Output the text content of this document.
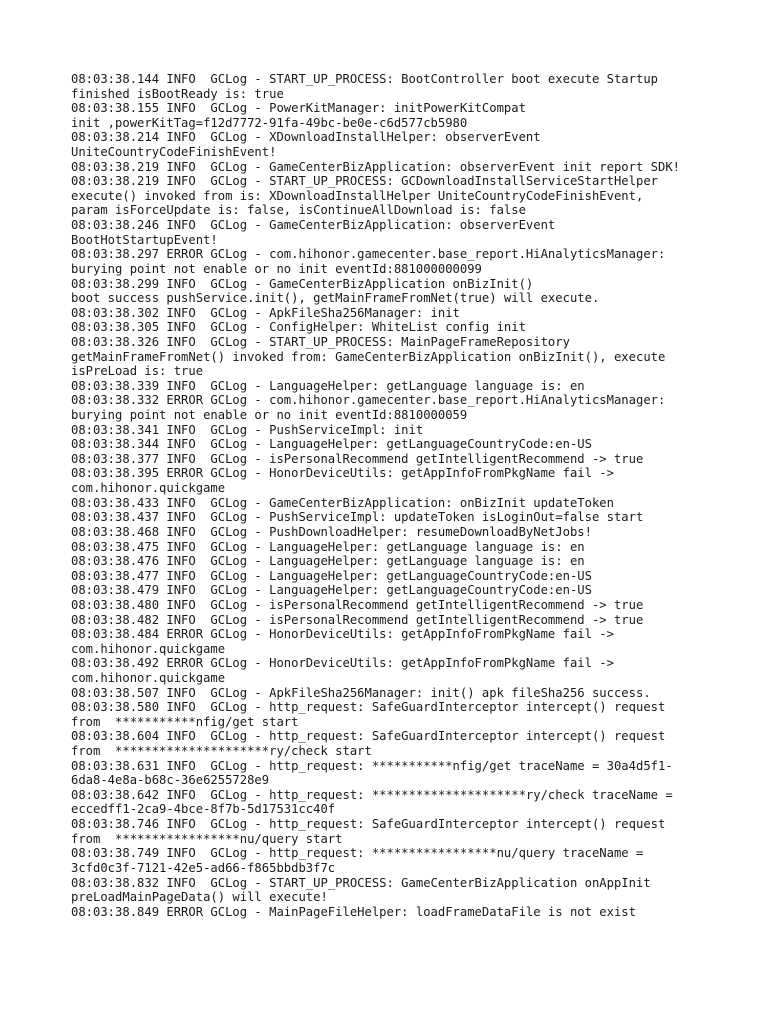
08:03:38.144 INFO  GCLog - START_UP_PROCESS: BootController boot execute Startup
finished isBootReady is: true
08:03:38.155 INFO  GCLog - PowerKitManager: initPowerKitCompat
init ,powerKitTag=f12d7772-91fa-49bc-be0e-c6d577cb5980
08:03:38.214 INFO  GCLog - XDownloadInstallHelper: observerEvent
UniteCountryCodeFinishEvent!
08:03:38.219 INFO  GCLog - GameCenterBizApplication: observerEvent init report SDK!
08:03:38.219 INFO  GCLog - START_UP_PROCESS: GCDownloadInstallServiceStartHelper
execute() invoked from is: XDownloadInstallHelper UniteCountryCodeFinishEvent,
param isForceUpdate is: false, isContinueAllDownload is: false
08:03:38.246 INFO  GCLog - GameCenterBizApplication: observerEvent
BootHotStartupEvent!
08:03:38.297 ERROR GCLog - com.hihonor.gamecenter.base_report.HiAnalyticsManager:
burying point not enable or no init eventId:881000000099
08:03:38.299 INFO  GCLog - GameCenterBizApplication onBizInit()
boot success pushService.init(), getMainFrameFromNet(true) will execute.
08:03:38.302 INFO  GCLog - ApkFileSha256Manager: init
08:03:38.305 INFO  GCLog - ConfigHelper: WhiteList config init
08:03:38.326 INFO  GCLog - START_UP_PROCESS: MainPageFrameRepository
getMainFrameFromNet() invoked from: GameCenterBizApplication onBizInit(), execute
isPreLoad is: true
08:03:38.339 INFO  GCLog - LanguageHelper: getLanguage language is: en
08:03:38.332 ERROR GCLog - com.hihonor.gamecenter.base_report.HiAnalyticsManager:
burying point not enable or no init eventId:8810000059
08:03:38.341 INFO  GCLog - PushServiceImpl: init
08:03:38.344 INFO  GCLog - LanguageHelper: getLanguageCountryCode:en-US
08:03:38.377 INFO  GCLog - isPersonalRecommend getIntelligentRecommend -> true
08:03:38.395 ERROR GCLog - HonorDeviceUtils: getAppInfoFromPkgName fail ->
com.hihonor.quickgame
08:03:38.433 INFO  GCLog - GameCenterBizApplication: onBizInit updateToken
08:03:38.437 INFO  GCLog - PushServiceImpl: updateToken isLoginOut=false start
08:03:38.468 INFO  GCLog - PushDownloadHelper: resumeDownloadByNetJobs!
08:03:38.475 INFO  GCLog - LanguageHelper: getLanguage language is: en
08:03:38.476 INFO  GCLog - LanguageHelper: getLanguage language is: en
08:03:38.477 INFO  GCLog - LanguageHelper: getLanguageCountryCode:en-US
08:03:38.479 INFO  GCLog - LanguageHelper: getLanguageCountryCode:en-US
08:03:38.480 INFO  GCLog - isPersonalRecommend getIntelligentRecommend -> true
08:03:38.482 INFO  GCLog - isPersonalRecommend getIntelligentRecommend -> true
08:03:38.484 ERROR GCLog - HonorDeviceUtils: getAppInfoFromPkgName fail ->
com.hihonor.quickgame
08:03:38.492 ERROR GCLog - HonorDeviceUtils: getAppInfoFromPkgName fail ->
com.hihonor.quickgame
08:03:38.507 INFO  GCLog - ApkFileSha256Manager: init() apk fileSha256 success.
08:03:38.580 INFO  GCLog - http_request: SafeGuardInterceptor intercept() request
from  ***********nfig/get start
08:03:38.604 INFO  GCLog - http_request: SafeGuardInterceptor intercept() request
from  *********************ry/check start
08:03:38.631 INFO  GCLog - http_request: ***********nfig/get traceName = 30a4d5f1-
6da8-4e8a-b68c-36e6255728e9
08:03:38.642 INFO  GCLog - http_request: *********************ry/check traceName =
eccedff1-2ca9-4bce-8f7b-5d17531cc40f
08:03:38.746 INFO  GCLog - http_request: SafeGuardInterceptor intercept() request
from  *****************nu/query start
08:03:38.749 INFO  GCLog - http_request: *****************nu/query traceName =
3cfd0c3f-7121-42e5-ad66-f865bbdb3f7c
08:03:38.832 INFO  GCLog - START_UP_PROCESS: GameCenterBizApplication onAppInit
preLoadMainPageData() will execute!
08:03:38.849 ERROR GCLog - MainPageFileHelper: loadFrameDataFile is not exist
